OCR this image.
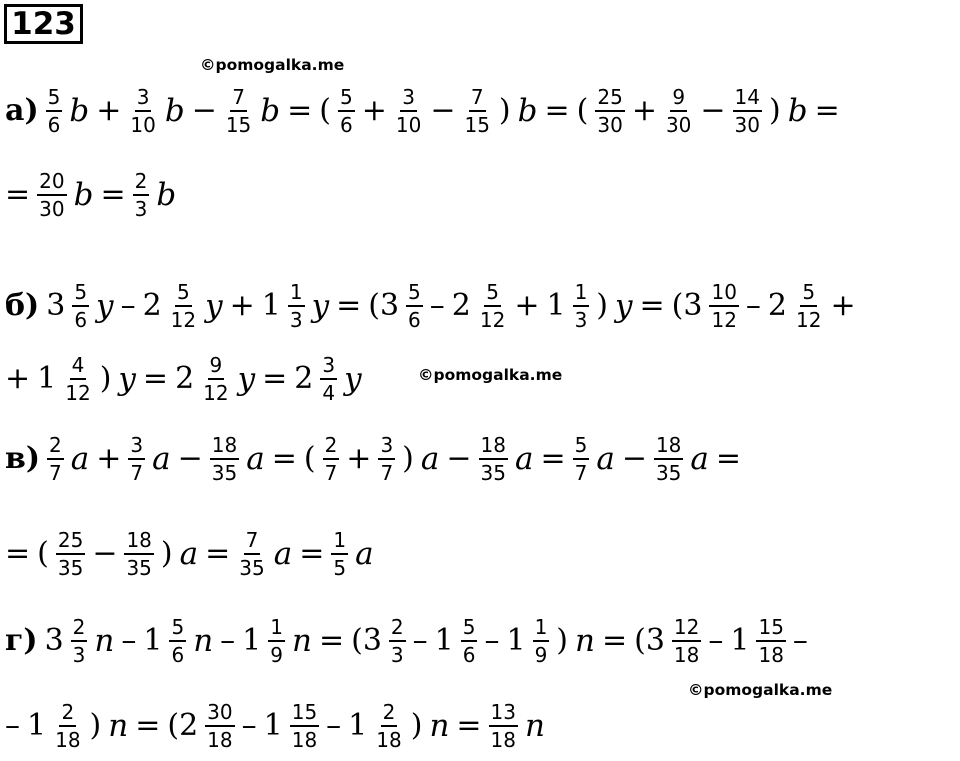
123
©pomogalka.me
©pomogalka.me
©pomogalka.me
$а) \frac{5}{6}$ $b + \frac{3}{10}$ $b - \frac{7}{15}$ b = ( $\frac{5}{6} + \frac{3}{10} - \frac{7}{15}$ ) b = ( $\frac{25}{30} + \frac{9}{30} - \frac{14}{30}$ ) b =
= $\frac{20}{30}$ $b = \frac{2}{3}$ b
б) $3 \frac{5}{6}$ y – $2 \frac{5}{12}$ $y + 1 \frac{1}{3}$ $y = (3 \frac{5}{6} - 2 \frac{5}{12} + 1 \frac{1}{3}$ ) $y = (3 \frac{10}{12} - 2 \frac{5}{12}$ +
+ $1 \frac{4}{12}$ ) $y = 2 \frac{9}{12}$ $y = 2 \frac{3}{4}$ y
$в) \frac{2}{7}$ $a + \frac{3}{7}$ $a - \frac{18}{35}$ a = ( $\frac{2}{7} + \frac{3}{7}$ ) $a - \frac{18}{35}$ $a = \frac{5}{7}$ $a - \frac{18}{35}$ a =
= ( $\frac{25}{35} - \frac{18}{35}$ ) $a = \frac{7}{35}$ $a = \frac{1}{5}$ a
г) $3 \frac{2}{3}$ n – $1 \frac{5}{6}$ n – $1 \frac{1}{9}$ $n = (3 \frac{2}{3} - 1 \frac{5}{6} - 1 \frac{1}{9}$ ) $n = (3 \frac{12}{18} - 1 \frac{15}{18}$ –
– $1 \frac{2}{18}$ ) $n = (2 \frac{30}{18} - 1 \frac{15}{18} - 1 \frac{2}{18}$ ) $n = \frac{13}{18}$ n
